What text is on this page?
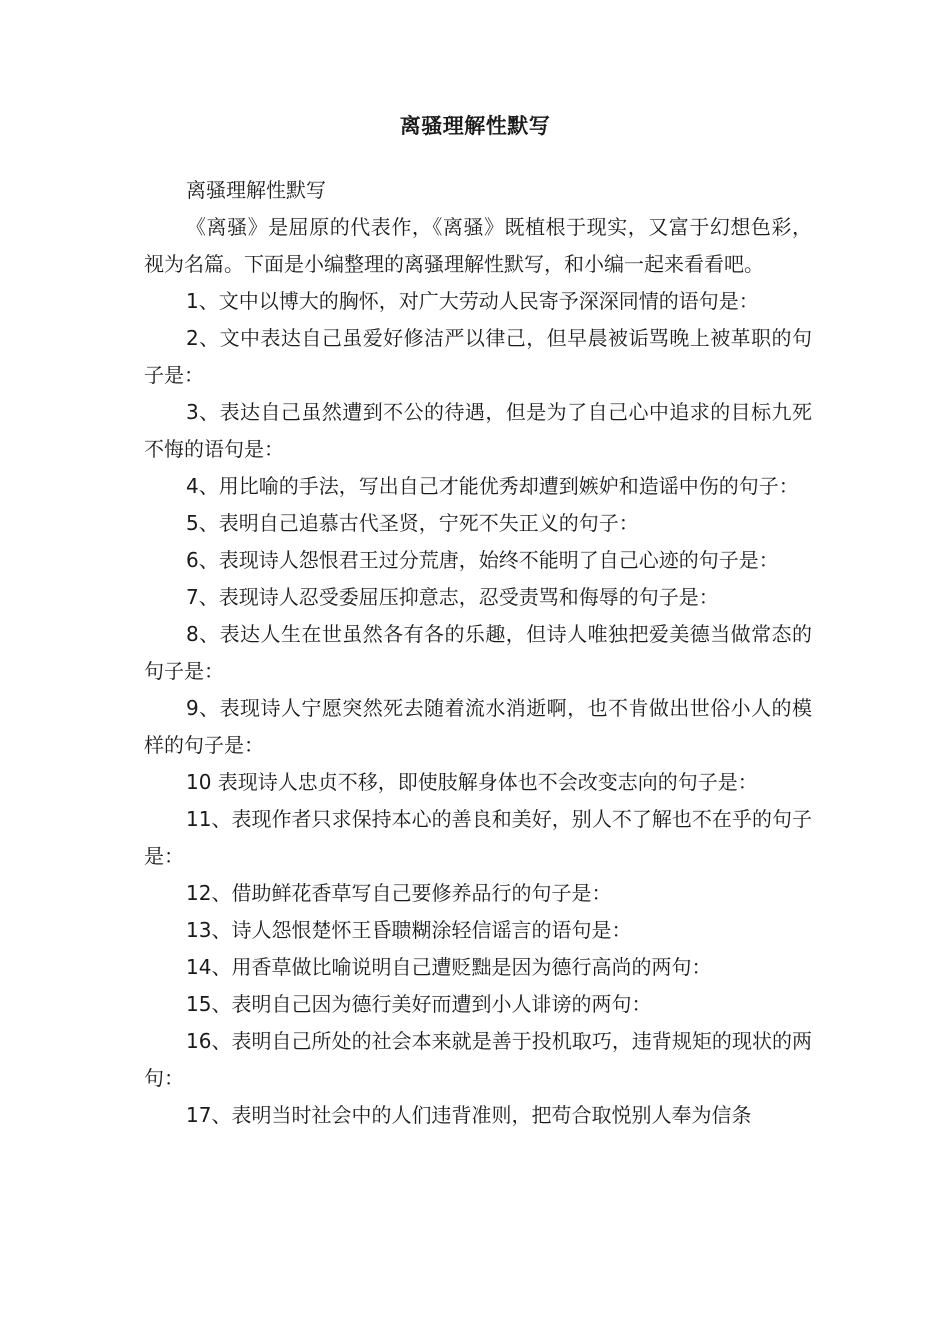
离骚理解性默写

离骚理解性默写

《离骚》是屈原的代表作，《离骚》既植根于现实，又富于幻想色彩，视为名篇。下面是小编整理的离骚理解性默写，和小编一起来看看吧。

1、文中以博大的胸怀，对广大劳动人民寄予深深同情的语句是：

2、文中表达自己虽爱好修洁严以律己，但早晨被诟骂晚上被革职的句子是：

3、表达自己虽然遭到不公的待遇，但是为了自己心中追求的目标九死不悔的语句是：

4、用比喻的手法，写出自己才能优秀却遭到嫉妒和造谣中伤的句子：

5、表明自己追慕古代圣贤，宁死不失正义的句子：

6、表现诗人怨恨君王过分荒唐，始终不能明了自己心迹的句子是：

7、表现诗人忍受委屈压抑意志，忍受责骂和侮辱的句子是：

8、表达人生在世虽然各有各的乐趣，但诗人唯独把爱美德当做常态的句子是：

9、表现诗人宁愿突然死去随着流水消逝啊，也不肯做出世俗小人的模样的句子是：

10 表现诗人忠贞不移，即使肢解身体也不会改变志向的句子是：

11、表现作者只求保持本心的善良和美好，别人不了解也不在乎的句子是：

12、借助鲜花香草写自己要修养品行的句子是：

13、诗人怨恨楚怀王昏聩糊涂轻信谣言的语句是：

14、用香草做比喻说明自己遭贬黜是因为德行高尚的两句：

15、表明自己因为德行美好而遭到小人诽谤的两句：

16、表明自己所处的社会本来就是善于投机取巧，违背规矩的现状的两句：

17、表明当时社会中的人们违背准则，把苟合取悦别人奉为信条
